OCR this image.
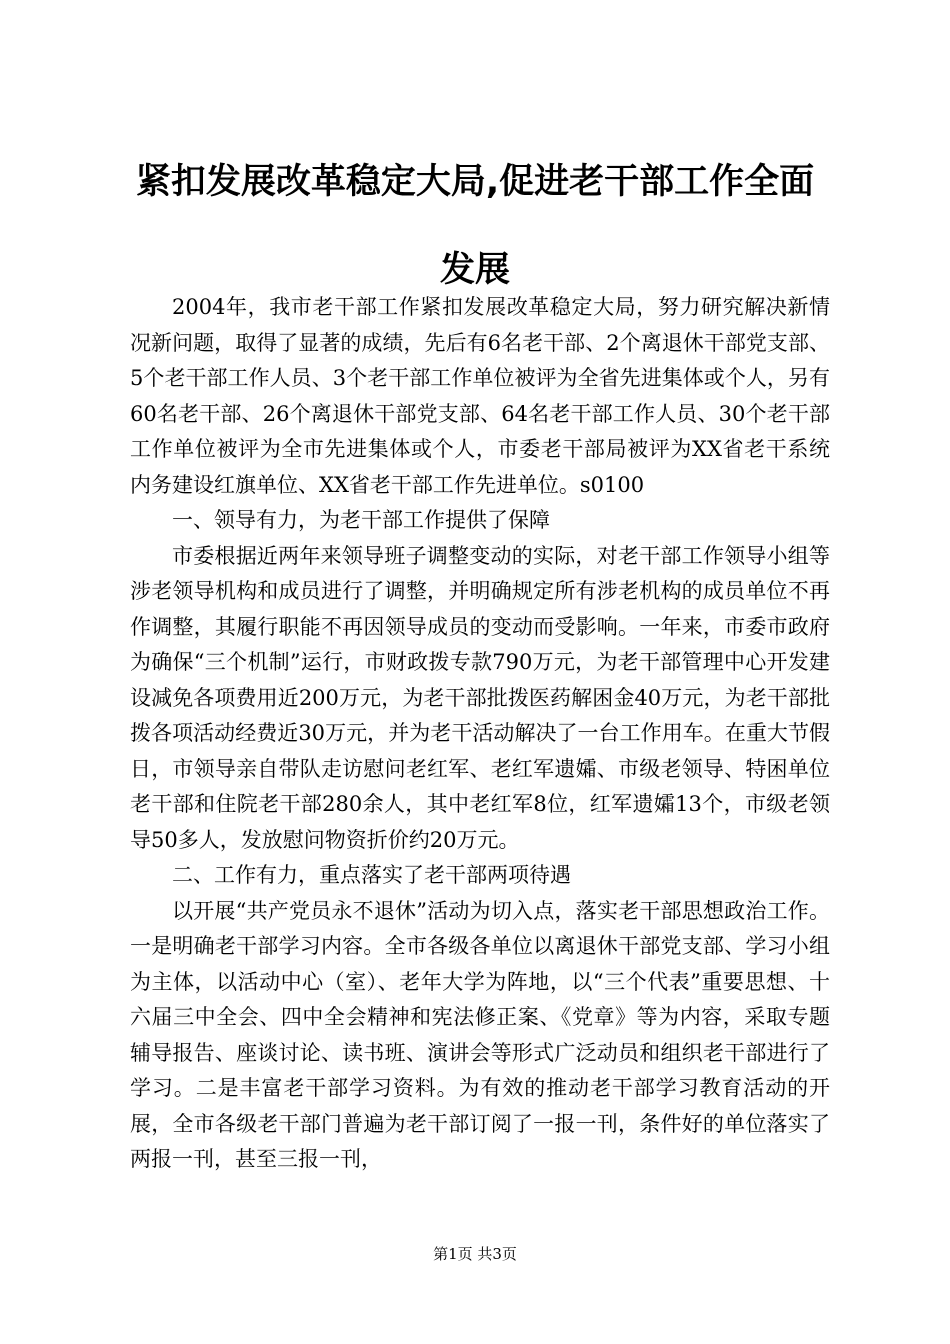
紧扣发展改革稳定大局,促进老干部工作全面
发展

2004年，我市老干部工作紧扣发展改革稳定大局，努力研究解决新情况新问题，取得了显著的成绩，先后有6名老干部、2个离退休干部党支部、5个老干部工作人员、3个老干部工作单位被评为全省先进集体或个人，另有60名老干部、26个离退休干部党支部、64名老干部工作人员、30个老干部工作单位被评为全市先进集体或个人，市委老干部局被评为XX省老干系统内务建设红旗单位、XX省老干部工作先进单位。s0100

一、领导有力，为老干部工作提供了保障

市委根据近两年来领导班子调整变动的实际，对老干部工作领导小组等涉老领导机构和成员进行了调整，并明确规定所有涉老机构的成员单位不再作调整，其履行职能不再因领导成员的变动而受影响。一年来，市委市政府为确保“三个机制”运行，市财政拨专款790万元，为老干部管理中心开发建设减免各项费用近200万元，为老干部批拨医药解困金40万元，为老干部批拨各项活动经费近30万元，并为老干活动解决了一台工作用车。在重大节假日，市领导亲自带队走访慰问老红军、老红军遗孀、市级老领导、特困单位老干部和住院老干部280余人，其中老红军8位，红军遗孀13个，市级老领导50多人，发放慰问物资折价约20万元。

二、工作有力，重点落实了老干部两项待遇

以开展“共产党员永不退休”活动为切入点，落实老干部思想政治工作。一是明确老干部学习内容。全市各级各单位以离退休干部党支部、学习小组为主体，以活动中心（室）、老年大学为阵地，以“三个代表”重要思想、十六届三中全会、四中全会精神和宪法修正案、《党章》等为内容，采取专题辅导报告、座谈讨论、读书班、演讲会等形式广泛动员和组织老干部进行了学习。二是丰富老干部学习资料。为有效的推动老干部学习教育活动的开展，全市各级老干部门普遍为老干部订阅了一报一刊，条件好的单位落实了两报一刊，甚至三报一刊，

第1页 共3页
